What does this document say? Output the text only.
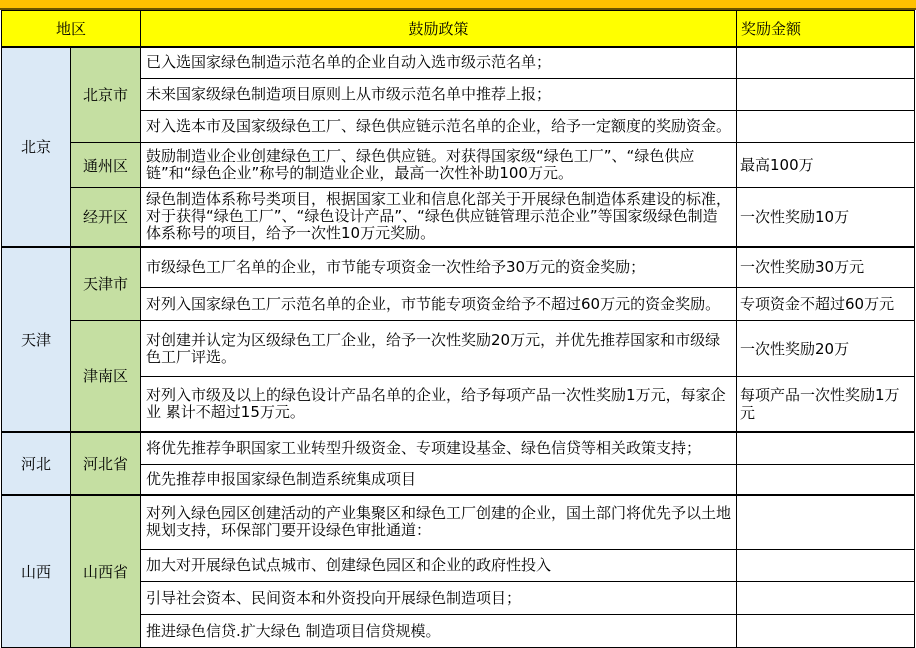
地区		鼓励政策	奖励金额
北京	北京市	已入选国家绿色制造示范名单的企业自动入选市级示范名单；	
		未来国家级绿色制造项目原则上从市级示范名单中推荐上报；	
		对入选本市及国家级绿色工厂、绿色供应链示范名单的企业，给予一定额度的奖励资金。	
	通州区	鼓励制造业企业创建绿色工厂、绿色供应链。对获得国家级“绿色工厂”、“绿色供应链”和“绿色企业”称号的制造业企业，最高一次性补助100万元。	最高100万
	经开区	绿色制造体系称号类项目，根据国家工业和信息化部关于开展绿色制造体系建设的标准，对于获得“绿色工厂”、“绿色设计产品”、“绿色供应链管理示范企业”等国家级绿色制造体系称号的项目，给予一次性10万元奖励。	一次性奖励10万
天津	天津市	市级绿色工厂名单的企业，市节能专项资金一次性给予30万元的资金奖励；	一次性奖励30万元
		对列入国家绿色工厂示范名单的企业，市节能专项资金给予不超过60万元的资金奖励。	专项资金不超过60万元
	津南区	对创建并认定为区级绿色工厂企业，给予一次性奖励20万元，并优先推荐国家和市级绿色工厂评选。	一次性奖励20万
		对列入市级及以上的绿色设计产品名单的企业，给予每项产品一次性奖励1万元，每家企业 累计不超过15万元。	每项产品一次性奖励1万元
河北	河北省	将优先推荐争职国家工业转型升级资金、专项建设基金、绿色信贷等相关政策支持；	
		优先推荐申报国家绿色制造系统集成项目	
山西	山西省	对列入绿色园区创建活动的产业集聚区和绿色工厂创建的企业，国土部门将优先予以土地规划支持，环保部门要开设绿色审批通道：	
		加大对开展绿色试点城市、创建绿色园区和企业的政府性投入	
		引导社会资本、民间资本和外资投向开展绿色制造项目；	
		推进绿色信贷.扩大绿色 制造项目信贷规模。	
